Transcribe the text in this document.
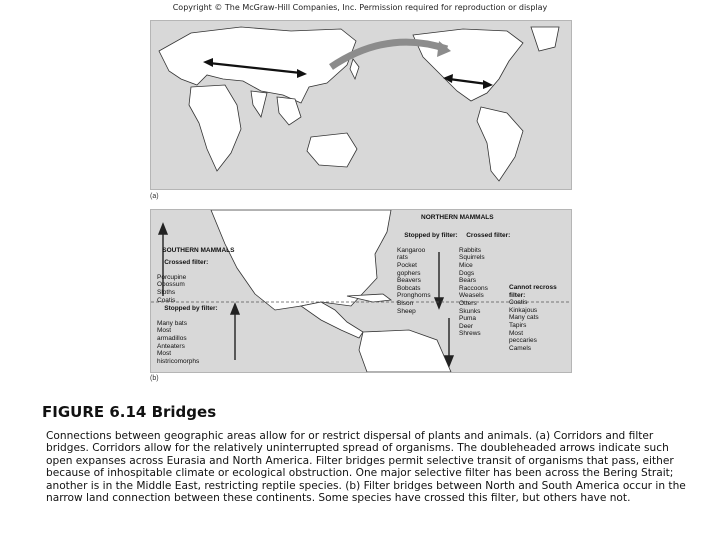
Copyright © The McGraw-Hill Companies, Inc. Permission required for reproduction or display
(a)
NORTHERN MAMMALS

SOUTHERN MAMMALS

Crossed filter:

Porcupine
Opossum
Sloths
Coatis

Stopped by filter:

Many bats
Most
armadillos
Anteaters
Most
histricomorphs

Stopped by filter:

Kangaroo
rats
Pocket
gophers
Beavers
Bobcats
Pronghorns
Bison
Sheep

Crossed filter:

Rabbits
Squirrels
Mice
Dogs
Bears
Raccoons
Weasels
Otters
Skunks
Puma
Deer
Shrews

Cannot recross filter:
Coatis
Kinkajous
Many cats
Tapirs
Most
peccaries
Camels
(b)
FIGURE 6.14 Bridges
Connections between geographic areas allow for or restrict dispersal of plants and animals. (a) Corridors and filter bridges. Corridors allow for the relatively uninterrupted spread of organisms. The doubleheaded arrows indicate such open expanses across Eurasia and North America. Filter bridges permit selective transit of organisms that pass, either because of inhospitable climate or ecological obstruction. One major selective filter has been across the Bering Strait; another is in the Middle East, restricting reptile species. (b) Filter bridges between North and South America occur in the narrow land connection between these continents. Some species have crossed this filter, but others have not.
